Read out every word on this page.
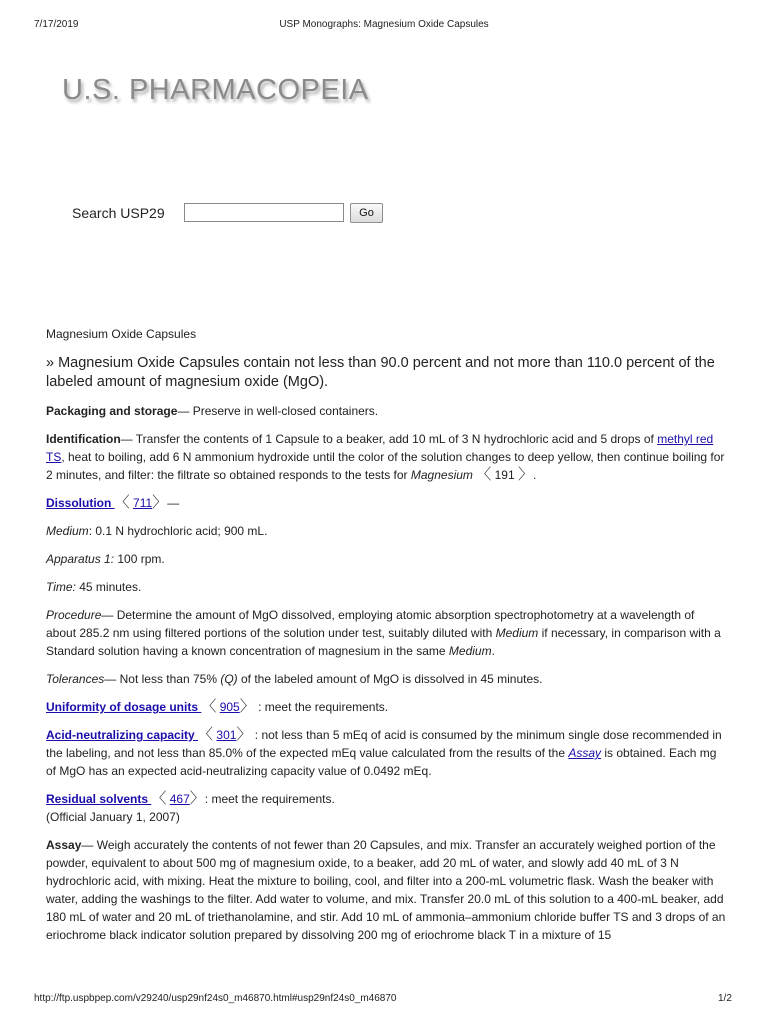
7/17/2019	USP Monographs: Magnesium Oxide Capsules
U.S. PHARMACOPEIA
Search USP29	Go

Magnesium Oxide Capsules

» Magnesium Oxide Capsules contain not less than 90.0 percent and not more than 110.0 percent of the labeled amount of magnesium oxide (MgO).

Packaging and storage— Preserve in well-closed containers.

Identification— Transfer the contents of 1 Capsule to a beaker, add 10 mL of 3 N hydrochloric acid and 5 drops of methyl red TS, heat to boiling, add 6 N ammonium hydroxide until the color of the solution changes to deep yellow, then continue boiling for 2 minutes, and filter: the filtrate so obtained responds to the tests for Magnesium 〈 191 〉.

Dissolution 〈 711〉—

Medium: 0.1 N hydrochloric acid; 900 mL.

Apparatus 1: 100 rpm.

Time: 45 minutes.

Procedure— Determine the amount of MgO dissolved, employing atomic absorption spectrophotometry at a wavelength of about 285.2 nm using filtered portions of the solution under test, suitably diluted with Medium if necessary, in comparison with a Standard solution having a known concentration of magnesium in the same Medium.

Tolerances— Not less than 75% (Q) of the labeled amount of MgO is dissolved in 45 minutes.

Uniformity of dosage units 〈 905〉 : meet the requirements.

Acid-neutralizing capacity 〈 301〉 : not less than 5 mEq of acid is consumed by the minimum single dose recommended in the labeling, and not less than 85.0% of the expected mEq value calculated from the results of the Assay is obtained. Each mg of MgO has an expected acid-neutralizing capacity value of 0.0492 mEq.

Residual solvents 〈 467〉: meet the requirements.

(Official January 1, 2007)

Assay— Weigh accurately the contents of not fewer than 20 Capsules, and mix. Transfer an accurately weighed portion of the powder, equivalent to about 500 mg of magnesium oxide, to a beaker, add 20 mL of water, and slowly add 40 mL of 3 N hydrochloric acid, with mixing. Heat the mixture to boiling, cool, and filter into a 200-mL volumetric flask. Wash the beaker with water, adding the washings to the filter. Add water to volume, and mix. Transfer 20.0 mL of this solution to a 400-mL beaker, add 180 mL of water and 20 mL of triethanolamine, and stir. Add 10 mL of ammonia–ammonium chloride buffer TS and 3 drops of an eriochrome black indicator solution prepared by dissolving 200 mg of eriochrome black T in a mixture of 15

http://ftp.uspbpep.com/v29240/usp29nf24s0_m46870.html#usp29nf24s0_m46870	1/2
